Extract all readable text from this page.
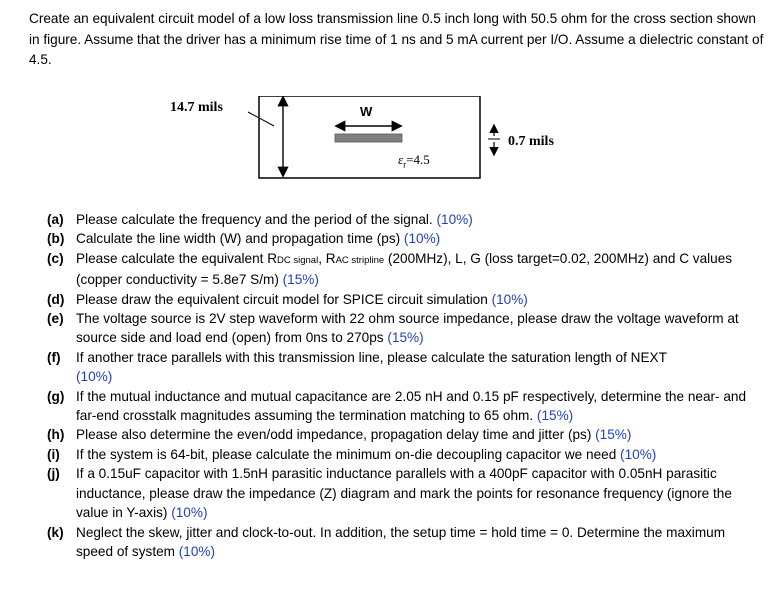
Create an equivalent circuit model of a low loss transmission line 0.5 inch long with 50.5 ohm for the cross section shown in figure. Assume that the driver has a minimum rise time of 1 ns and 5 mA current per I/O. Assume a dielectric constant of 4.5.

14.7 mils	W
$\varepsilon_r=4.5$
0.7 mils
(a) Please calculate the frequency and the period of the signal. (10%)
(b) Calculate the line width (W) and propagation time (ps) (10%)
(c) Please calculate the equivalent RDC signal, RAC stripline (200MHz), L, G (loss target=0.02, 200MHz) and C values (copper conductivity = 5.8e7 S/m) (15%)
(d) Please draw the equivalent circuit model for SPICE circuit simulation (10%)
(e) The voltage source is 2V step waveform with 22 ohm source impedance, please draw the voltage waveform at source side and load end (open) from 0ns to 270ps (15%)
(f) If another trace parallels with this transmission line, please calculate the saturation length of NEXT
(10%)
(g) If the mutual inductance and mutual capacitance are 2.05 nH and 0.15 pF respectively, determine the near- and far-end crosstalk magnitudes assuming the termination matching to 65 ohm. (15%)
(h) Please also determine the even/odd impedance, propagation delay time and jitter (ps) (15%)
(i) If the system is 64-bit, please calculate the minimum on-die decoupling capacitor we need (10%)
(j) If a 0.15uF capacitor with 1.5nH parasitic inductance parallels with a 400pF capacitor with 0.05nH parasitic inductance, please draw the impedance (Z) diagram and mark the points for resonance frequency (ignore the value in Y-axis) (10%)
(k) Neglect the skew, jitter and clock-to-out. In addition, the setup time = hold time = 0. Determine the maximum speed of system (10%)
